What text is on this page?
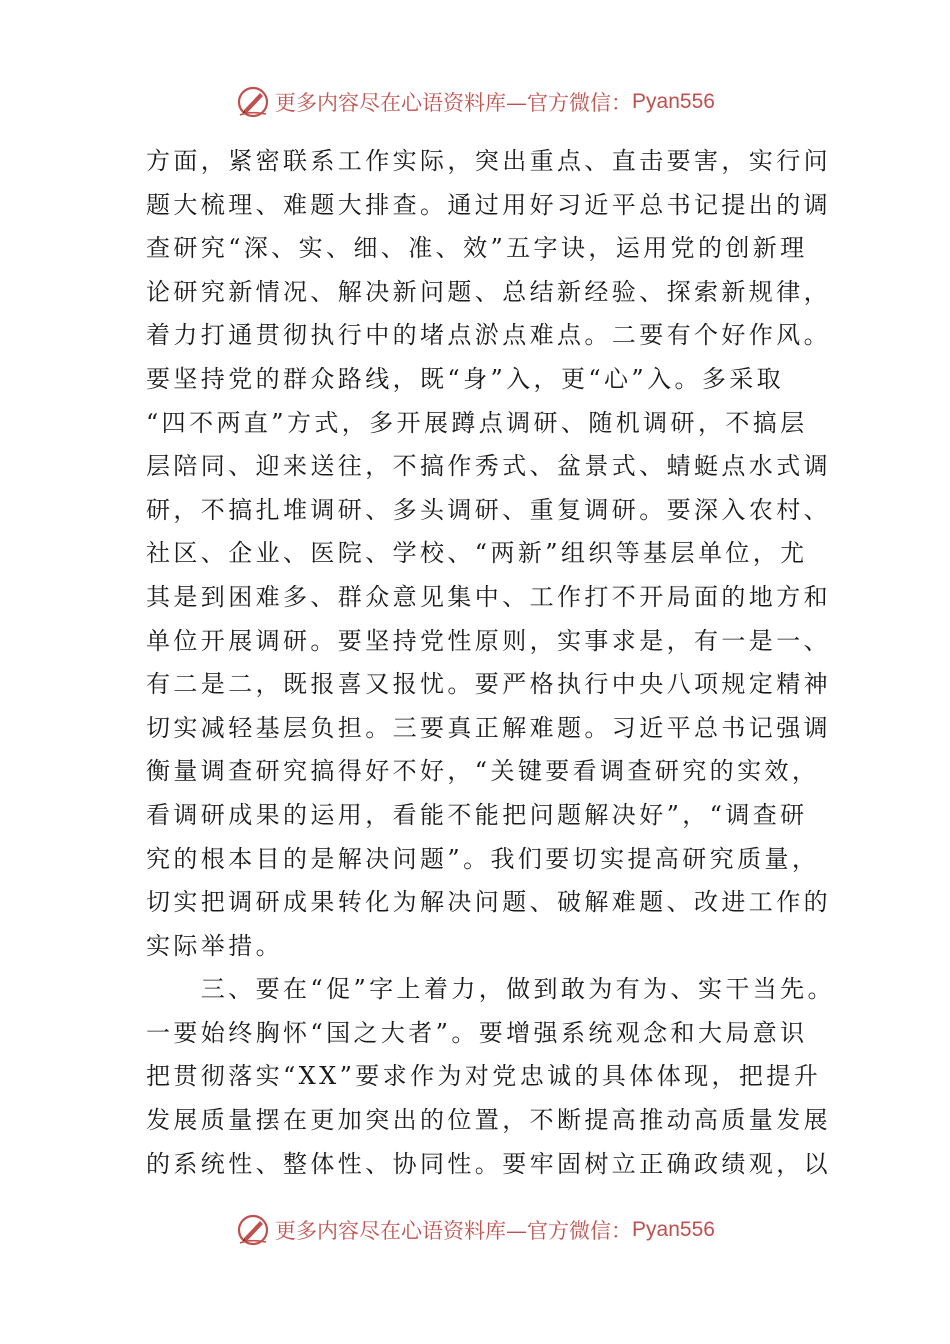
更多内容尽在心语资料库—官方微信： Pyan556
方面，紧密联系工作实际，突出重点、直击要害，实行问
题大梳理、难题大排查。通过用好习近平总书记提出的调
查研究“深、实、细、准、效”五字诀，运用党的创新理
论研究新情况、解决新问题、总结新经验、探索新规律，
着力打通贯彻执行中的堵点淤点难点。二要有个好作风。
要坚持党的群众路线，既“身”入，更“心”入。多采取
“四不两直”方式，多开展蹲点调研、随机调研，不搞层
层陪同、迎来送往，不搞作秀式、盆景式、蜻蜓点水式调
研，不搞扎堆调研、多头调研、重复调研。要深入农村、
社区、企业、医院、学校、“两新”组织等基层单位，尤
其是到困难多、群众意见集中、工作打不开局面的地方和
单位开展调研。要坚持党性原则，实事求是，有一是一、
有二是二，既报喜又报忧。要严格执行中央八项规定精神
切实减轻基层负担。三要真正解难题。习近平总书记强调
衡量调查研究搞得好不好，“关键要看调查研究的实效，
看调研成果的运用，看能不能把问题解决好”，“调查研
究的根本目的是解决问题”。我们要切实提高研究质量，
切实把调研成果转化为解决问题、破解难题、改进工作的
实际举措。
　　三、要在“促”字上着力，做到敢为有为、实干当先。
一要始终胸怀“国之大者”。要增强系统观念和大局意识
把贯彻落实“XX”要求作为对党忠诚的具体体现，把提升
发展质量摆在更加突出的位置，不断提高推动高质量发展
的系统性、整体性、协同性。要牢固树立正确政绩观，以
更多内容尽在心语资料库—官方微信： Pyan556
